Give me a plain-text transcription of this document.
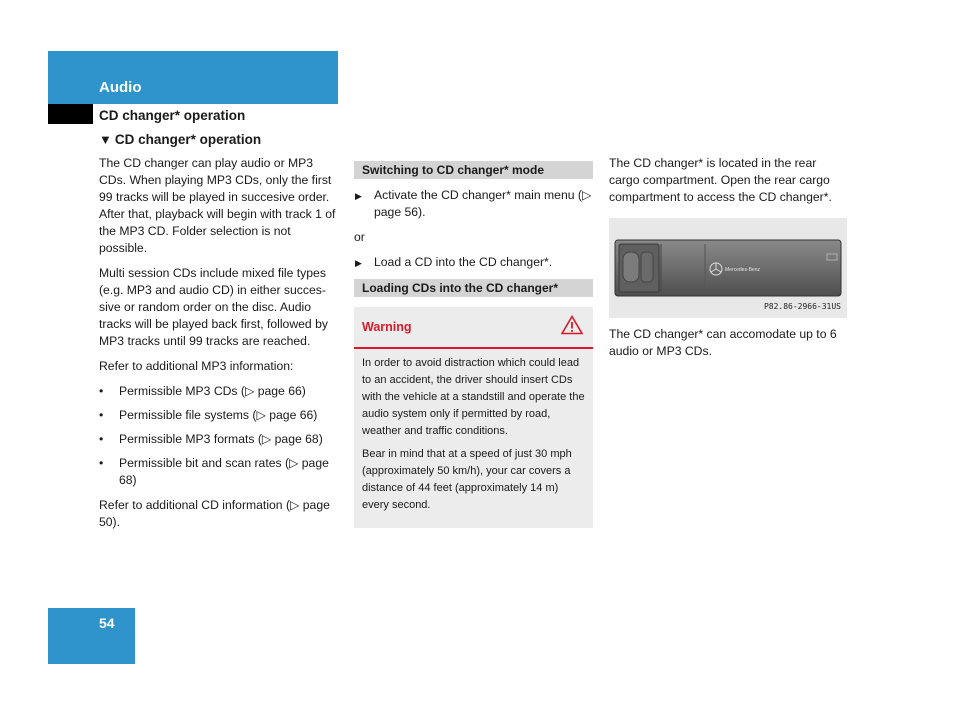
Audio
CD changer* operation
▼ CD changer* operation

The CD changer can play audio or MP3 CDs. When playing MP3 CDs, only the first 99 tracks will be played in succesive order. After that, playback will begin with track 1 of the MP3 CD. Folder selection is not possible.

Multi session CDs include mixed file types (e.g. MP3 and audio CD) in either succes-sive or random order on the disc. Audio tracks will be played back first, followed by MP3 tracks until 99 tracks are reached.

Refer to additional MP3 information:

• Permissible MP3 CDs (▷ page 66)
• Permissible file systems (▷ page 66)
• Permissible MP3 formats (▷ page 68)
• Permissible bit and scan rates (▷ page 68)

Refer to additional CD information (▷ page 50).

Switching to CD changer* mode
▶ Activate the CD changer* main menu (▷ page 56).
or
▶ Load a CD into the CD changer*.
Loading CDs into the CD changer*
Warning

In order to avoid distraction which could lead to an accident, the driver should insert CDs with the vehicle at a standstill and operate the audio system only if permitted by road, weather and traffic conditions.

Bear in mind that at a speed of just 30 mph (approximately 50 km/h), your car covers a distance of 44 feet (approximately 14 m) every second.

The CD changer* is located in the rear cargo compartment. Open the rear cargo compartment to access the CD changer*.

Mercedes-Benz
P82.86-2966-31US

The CD changer* can accomodate up to 6 audio or MP3 CDs.

54
